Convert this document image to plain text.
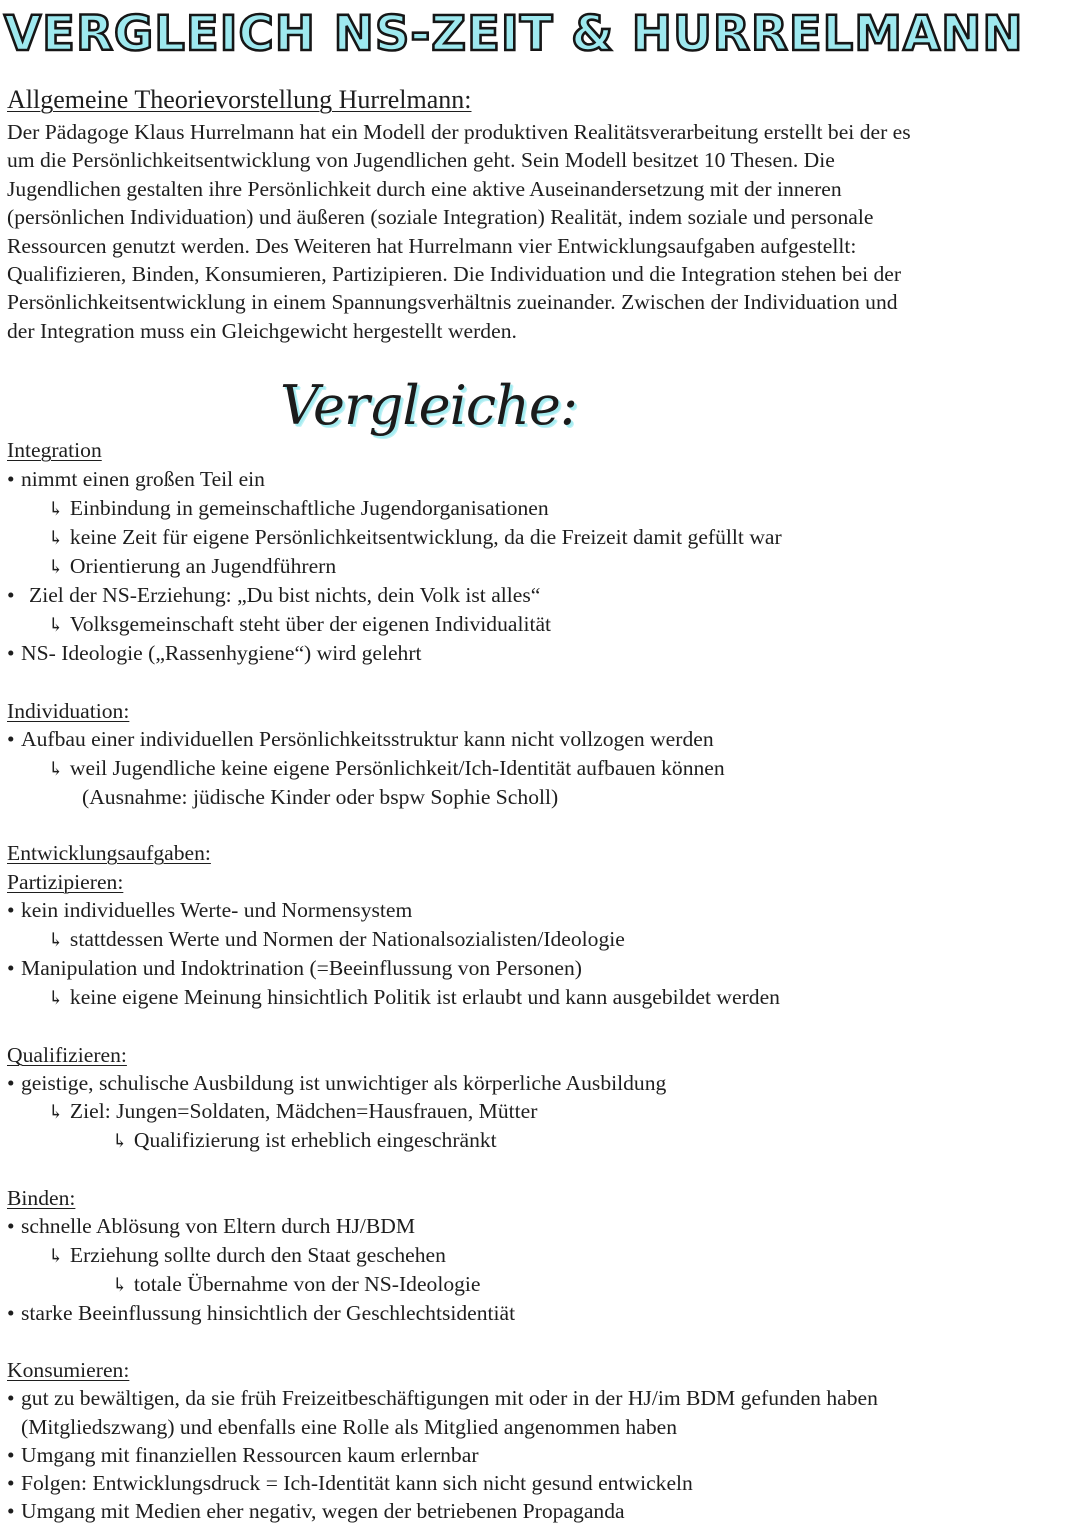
VERGLEICH NS-ZEIT & HURRELMANN
Allgemeine Theorievorstellung Hurrelmann:

Der Pädagoge Klaus Hurrelmann hat ein Modell der produktiven Realitätsverarbeitung erstellt bei der es

um die Persönlichkeitsentwicklung von Jugendlichen geht. Sein Modell besitzet 10 Thesen. Die

Jugendlichen gestalten ihre Persönlichkeit durch eine aktive Auseinandersetzung mit der inneren

(persönlichen Individuation) und äußeren (soziale Integration) Realität, indem soziale und personale

Ressourcen genutzt werden. Des Weiteren hat Hurrelmann vier Entwicklungsaufgaben aufgestellt:

Qualifizieren, Binden, Konsumieren, Partizipieren. Die Individuation und die Integration stehen bei der

Persönlichkeitsentwicklung in einem Spannungsverhältnis zueinander. Zwischen der Individuation und

der Integration muss ein Gleichgewicht hergestellt werden.

Vergleiche:
Integration
• nimmt einen großen Teil ein
↳ Einbindung in gemeinschaftliche Jugendorganisationen
↳ keine Zeit für eigene Persönlichkeitsentwicklung, da die Freizeit damit gefüllt war
↳ Orientierung an Jugendführern
• Ziel der NS-Erziehung: „Du bist nichts, dein Volk ist alles“
↳ Volksgemeinschaft steht über der eigenen Individualität
• NS- Ideologie („Rassenhygiene“) wird gelehrt
Individuation:
• Aufbau einer individuellen Persönlichkeitsstruktur kann nicht vollzogen werden
↳ weil Jugendliche keine eigene Persönlichkeit/Ich-Identität aufbauen können
(Ausnahme: jüdische Kinder oder bspw Sophie Scholl)
Entwicklungsaufgaben:
Partizipieren:
• kein individuelles Werte- und Normensystem
↳ stattdessen Werte und Normen der Nationalsozialisten/Ideologie
• Manipulation und Indoktrination (=Beeinflussung von Personen)
↳ keine eigene Meinung hinsichtlich Politik ist erlaubt und kann ausgebildet werden
Qualifizieren:
• geistige, schulische Ausbildung ist unwichtiger als körperliche Ausbildung
↳ Ziel: Jungen=Soldaten, Mädchen=Hausfrauen, Mütter
↳ Qualifizierung ist erheblich eingeschränkt
Binden:
• schnelle Ablösung von Eltern durch HJ/BDM
↳ Erziehung sollte durch den Staat geschehen
↳ totale Übernahme von der NS-Ideologie
• starke Beeinflussung hinsichtlich der Geschlechtsidentiät
Konsumieren:
• gut zu bewältigen, da sie früh Freizeitbeschäftigungen mit oder in der HJ/im BDM gefunden haben
(Mitgliedszwang) und ebenfalls eine Rolle als Mitglied angenommen haben
• Umgang mit finanziellen Ressourcen kaum erlernbar
• Folgen: Entwicklungsdruck = Ich-Identität kann sich nicht gesund entwickeln
• Umgang mit Medien eher negativ, wegen der betriebenen Propaganda
